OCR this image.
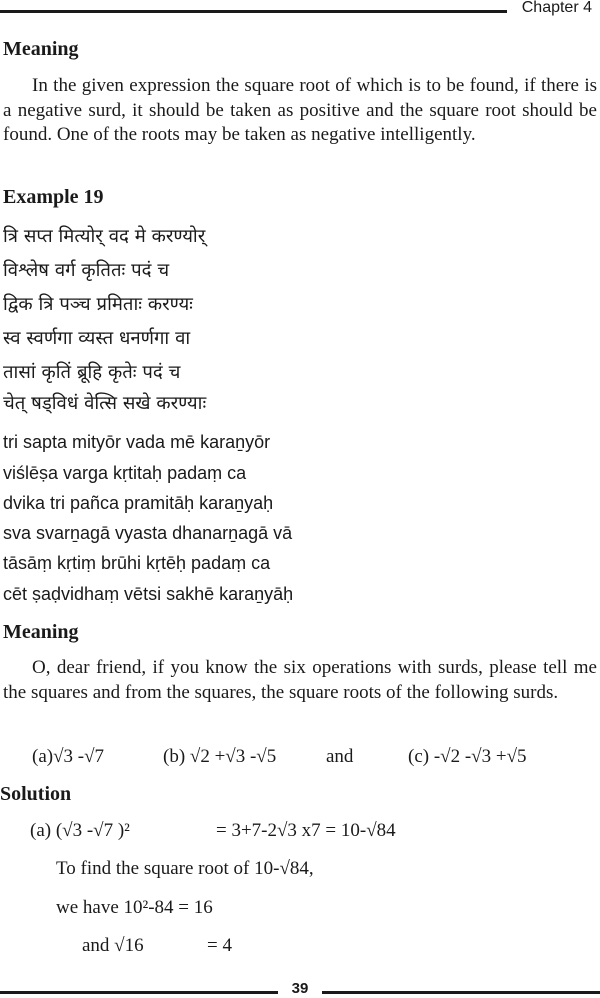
Chapter 4
Meaning
In the given expression the square root of which is to be found, if there is a negative surd, it should be taken as positive and the square root should be found. One of the roots may be taken as negative intelligently.
Example 19
त्रि सप्त मित्योर् वद मे करण्योर्
विश्लेष वर्ग कृतितः पदं च
द्विक त्रि पञ्च प्रमिताः करण्यः
स्व स्वर्णगा व्यस्त धनर्णगा वा
तासां कृतिं ब्रूहि कृतेः पदं च
चेत् षड्विधं वेत्सि सखे करण्याः
tri sapta mityōr vada mē karaṉyōr
viślēṣa varga kṛtitaḥ padaṃ ca
dvika tri pañca pramitāḥ karaṉyaḥ
sva svarṉagā vyasta dhanarṉagā vā
tāsāṃ kṛtiṃ brūhi kṛtēḥ padaṃ ca
cēt ṣaḍvidhaṃ vētsi sakhē karaṉyāḥ
Meaning
O, dear friend, if you know the six operations with surds, please tell me the squares and from the squares, the square roots of the following surds.
(a)√3 -√7	(b) √2 +√3 -√5	and	(c) -√2 -√3 +√5
Solution
(a) (√3 -√7 )²	= 3+7-2√3 x7 = 10-√84
To find the square root of 10-√84,
we have 10²-84 = 16
and √16	= 4
39
